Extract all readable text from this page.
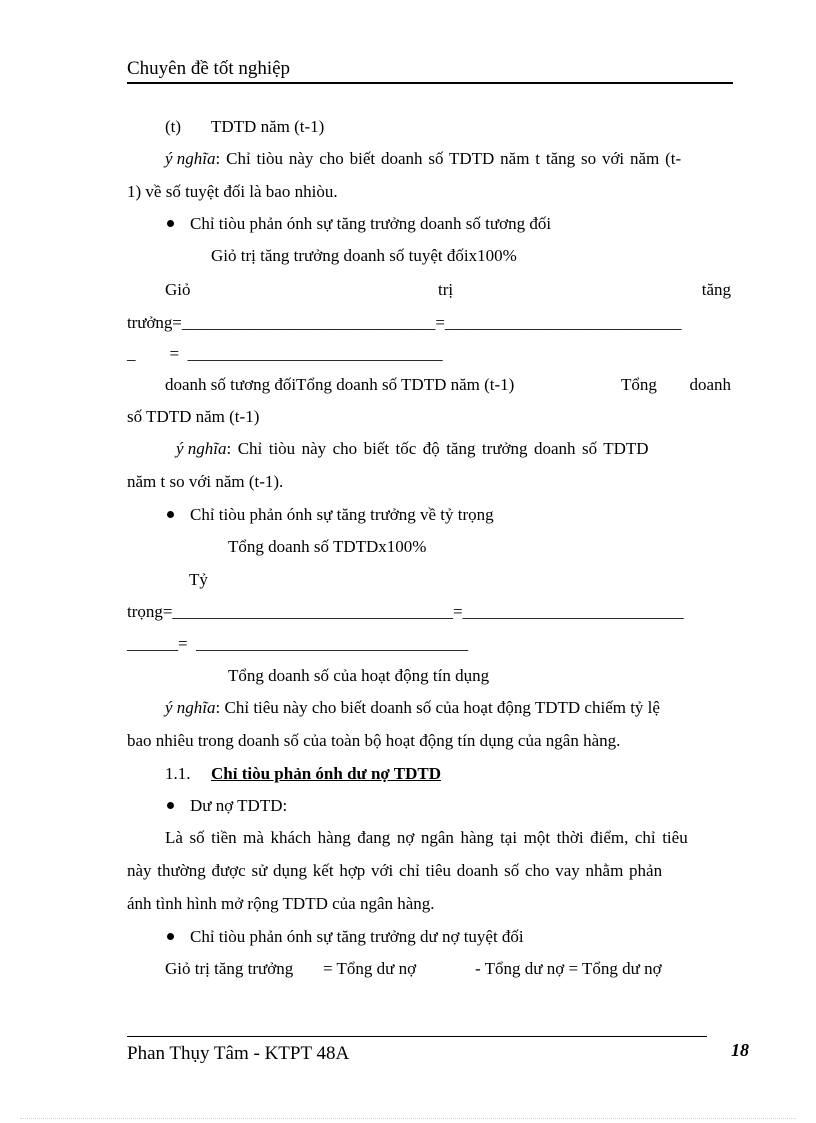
Chuyên đề tốt nghiệp
(t) TDTD năm (t-1)
ý nghĩa: Chỉ tiòu này cho biết doanh số TDTD năm t tăng so với năm (t-
1) về số tuyệt đối là bao nhiòu.
Chỉ tiòu phản ónh sự tăng trưởng doanh số tương đối
Giỏ trị tăng trưởng doanh số tuyệt đốix100%
Giỏ	trị	tăng
trưởng=______________________________=____________________________
_        =  ______________________________
doanh số tương đốiTổng doanh số TDTD năm (t-1)	Tổng doanh
số TDTD năm (t-1)
ý nghĩa: Chỉ tiòu này cho biết tốc độ tăng trưởng doanh số TDTD
năm t so với năm (t-1).
Chỉ tiòu phản ónh sự tăng trưởng về tỷ trọng
Tổng doanh số TDTDx100%
Tỷ
trọng=_________________________________=__________________________
______=  ________________________________
Tổng doanh số của hoạt động tín dụng
ý nghĩa: Chỉ tiêu này cho biết doanh số của hoạt động TDTD chiếm tỷ lệ
bao nhiêu trong doanh số của toàn bộ hoạt động tín dụng của ngân hàng.
1.1. Chỉ tiòu phản ónh dư nợ TDTD
Dư nợ TDTD:
Là số tiền mà khách hàng đang nợ ngân hàng tại một thời điểm, chỉ tiêu
này thường được sử dụng kết hợp với chỉ tiêu doanh số cho vay nhằm phản
ánh tình hình mở rộng TDTD của ngân hàng.
Chỉ tiòu phản ónh sự tăng trưởng dư nợ tuyệt đối
Giỏ trị tăng trưởng = Tổng dư nợ	- Tổng dư nợ = Tổng dư nợ
Phan Thụy Tâm - KTPT 48A	18
